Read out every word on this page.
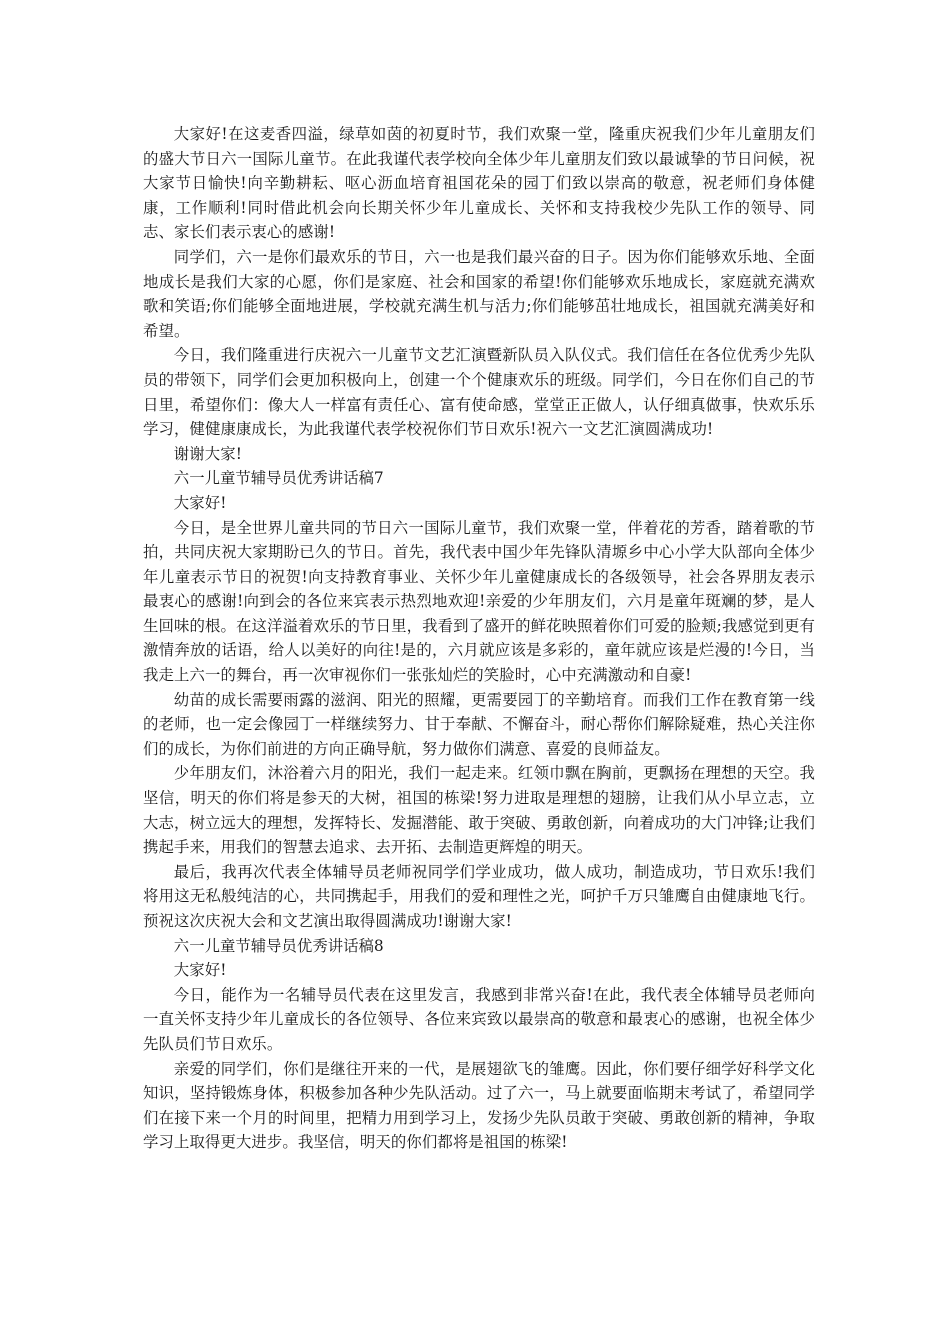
大家好!在这麦香四溢，绿草如茵的初夏时节，我们欢聚一堂，隆重庆祝我们少年儿童朋友们的盛大节日六一国际儿童节。在此我谨代表学校向全体少年儿童朋友们致以最诚挚的节日问候，祝大家节日愉快!向辛勤耕耘、呕心沥血培育祖国花朵的园丁们致以崇高的敬意，祝老师们身体健康，工作顺利!同时借此机会向长期关怀少年儿童成长、关怀和支持我校少先队工作的领导、同志、家长们表示衷心的感谢!

同学们，六一是你们最欢乐的节日，六一也是我们最兴奋的日子。因为你们能够欢乐地、全面地成长是我们大家的心愿，你们是家庭、社会和国家的希望!你们能够欢乐地成长，家庭就充满欢歌和笑语;你们能够全面地进展，学校就充满生机与活力;你们能够茁壮地成长，祖国就充满美好和希望。

今日，我们隆重进行庆祝六一儿童节文艺汇演暨新队员入队仪式。我们信任在各位优秀少先队员的带领下，同学们会更加积极向上，创建一个个健康欢乐的班级。同学们，今日在你们自己的节日里，希望你们：像大人一样富有责任心、富有使命感，堂堂正正做人，认仔细真做事，快欢乐乐学习，健健康康成长，为此我谨代表学校祝你们节日欢乐!祝六一文艺汇演圆满成功!

谢谢大家!

六一儿童节辅导员优秀讲话稿7

大家好!

今日，是全世界儿童共同的节日六一国际儿童节，我们欢聚一堂，伴着花的芳香，踏着歌的节拍，共同庆祝大家期盼已久的节日。首先，我代表中国少年先锋队清塬乡中心小学大队部向全体少年儿童表示节日的祝贺!向支持教育事业、关怀少年儿童健康成长的各级领导，社会各界朋友表示最衷心的感谢!向到会的各位来宾表示热烈地欢迎!亲爱的少年朋友们，六月是童年斑斓的梦，是人生回味的根。在这洋溢着欢乐的节日里，我看到了盛开的鲜花映照着你们可爱的脸颊;我感觉到更有激情奔放的话语，给人以美好的向往!是的，六月就应该是多彩的，童年就应该是烂漫的!今日，当我走上六一的舞台，再一次审视你们一张张灿烂的笑脸时，心中充满激动和自豪!

幼苗的成长需要雨露的滋润、阳光的照耀，更需要园丁的辛勤培育。而我们工作在教育第一线的老师，也一定会像园丁一样继续努力、甘于奉献、不懈奋斗，耐心帮你们解除疑难，热心关注你们的成长，为你们前进的方向正确导航，努力做你们满意、喜爱的良师益友。

少年朋友们，沐浴着六月的阳光，我们一起走来。红领巾飘在胸前，更飘扬在理想的天空。我坚信，明天的你们将是参天的大树，祖国的栋梁!努力进取是理想的翅膀，让我们从小早立志，立大志，树立远大的理想，发挥特长、发掘潜能、敢于突破、勇敢创新，向着成功的大门冲锋;让我们携起手来，用我们的智慧去追求、去开拓、去制造更辉煌的明天。

最后，我再次代表全体辅导员老师祝同学们学业成功，做人成功，制造成功，节日欢乐!我们将用这无私般纯洁的心，共同携起手，用我们的爱和理性之光，呵护千万只雏鹰自由健康地飞行。预祝这次庆祝大会和文艺演出取得圆满成功!谢谢大家!

六一儿童节辅导员优秀讲话稿8

大家好!

今日，能作为一名辅导员代表在这里发言，我感到非常兴奋!在此，我代表全体辅导员老师向一直关怀支持少年儿童成长的各位领导、各位来宾致以最崇高的敬意和最衷心的感谢，也祝全体少先队员们节日欢乐。

亲爱的同学们，你们是继往开来的一代，是展翅欲飞的雏鹰。因此，你们要仔细学好科学文化知识，坚持锻炼身体，积极参加各种少先队活动。过了六一，马上就要面临期末考试了，希望同学们在接下来一个月的时间里，把精力用到学习上，发扬少先队员敢于突破、勇敢创新的精神，争取学习上取得更大进步。我坚信，明天的你们都将是祖国的栋梁!
